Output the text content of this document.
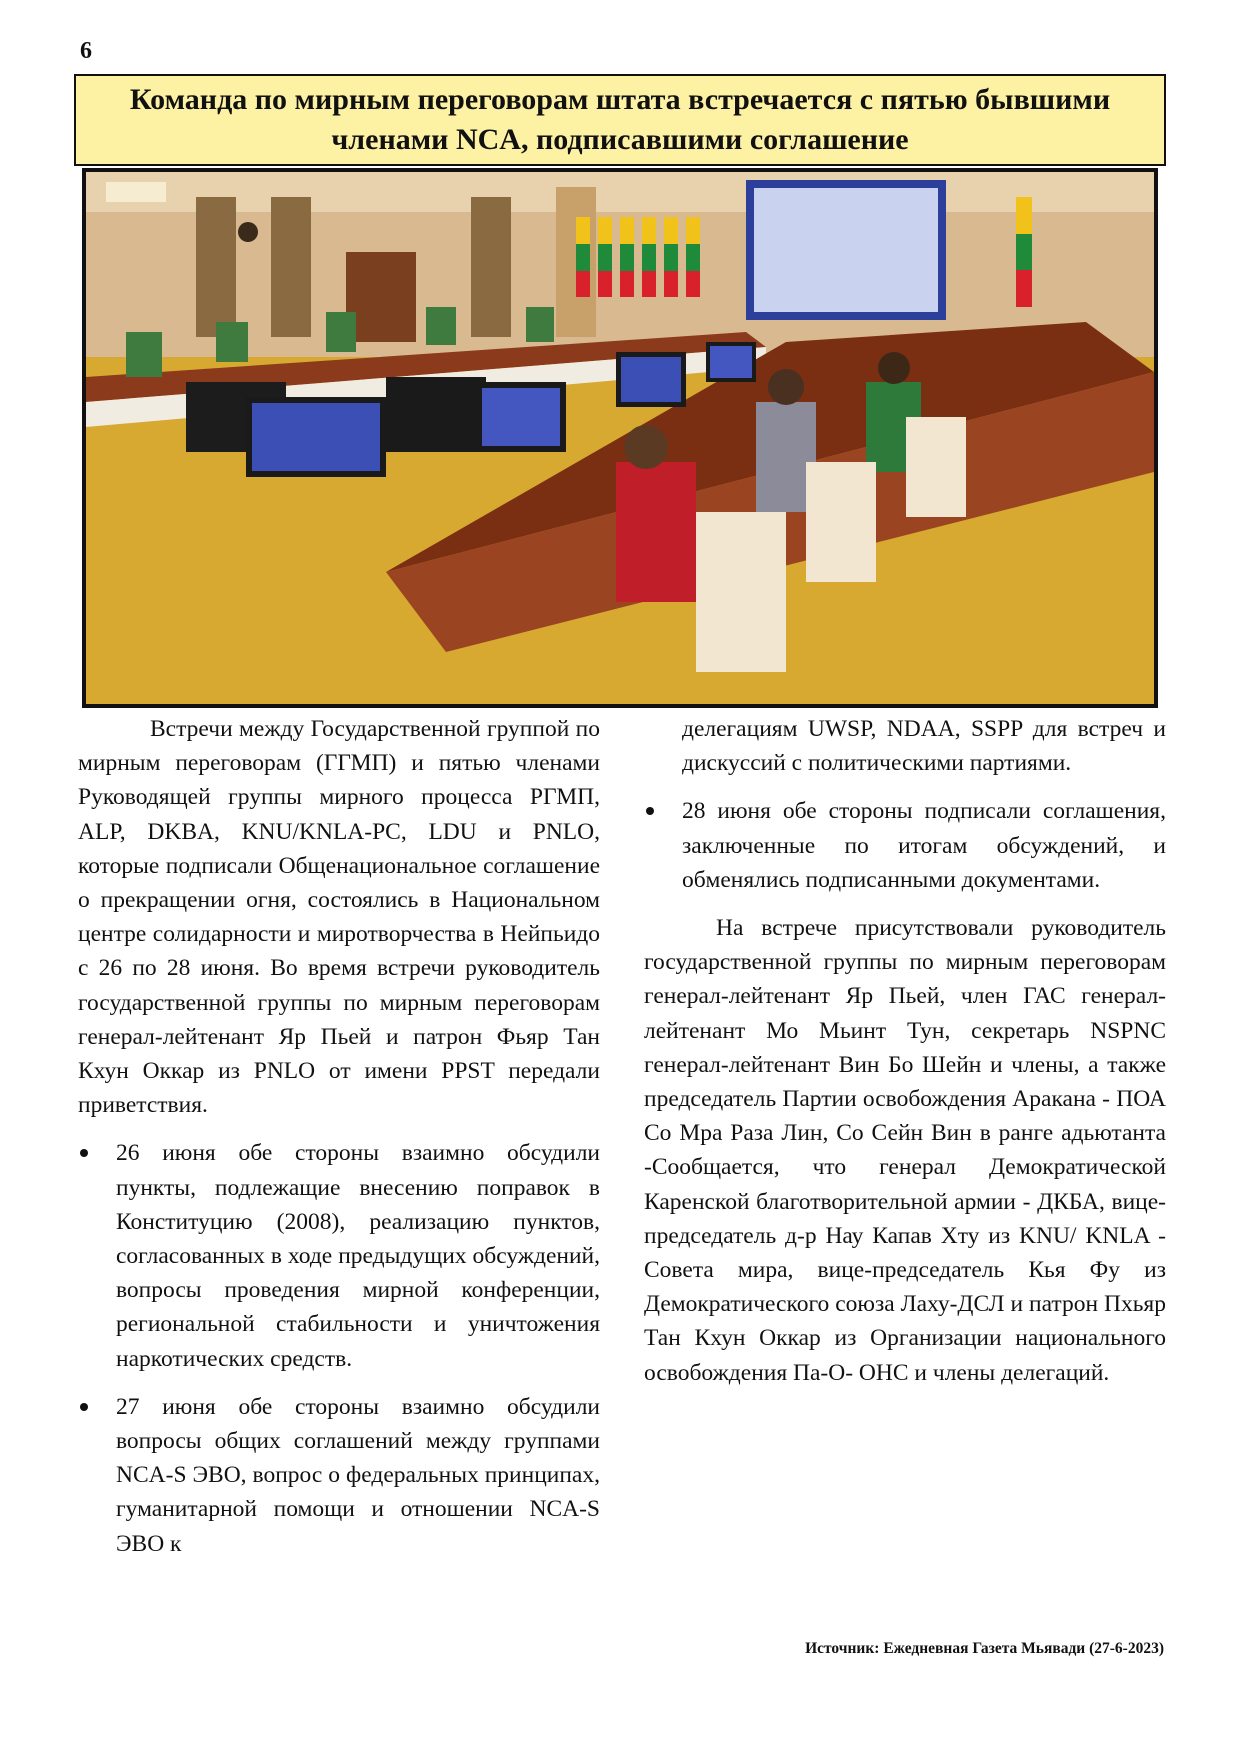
6
Команда по мирным переговорам штата встречается с пятью бывшими членами NCA, подписавшими соглашение

Встречи между Государственной группой по мирным переговорам (ГГМП) и пятью членами Руководящей группы мирного процесса РГМП, ALP, DKBA, KNU/KNLA-PC, LDU и PNLO, которые подписали Общенациональное соглашение о прекращении огня, состоялись в Национальном центре солидарности и миротворчества в Нейпьидо с 26 по 28 июня. Во время встречи руководитель государственной группы по мирным переговорам генерал-лейтенант Яр Пьей и патрон Фьяр Тан Кхун Оккар из PNLO от имени PPST передали приветствия.

26 июня обе стороны взаимно обсудили пункты, подлежащие внесению поправок в Конституцию (2008), реализацию пунктов, согласованных в ходе предыдущих обсуждений, вопросы проведения мирной конференции, региональной стабильности и уничтожения наркотических средств.
27 июня обе стороны взаимно обсудили вопросы общих соглашений между группами NCA-S ЭВО, вопрос о федеральных принципах, гуманитарной помощи и отношении NCA-S ЭВО к

делегациям UWSP, NDAA, SSPP для встреч и дискуссий с политическими партиями.

28 июня обе стороны подписали соглашения, заключенные по итогам обсуждений, и обменялись подписанными документами.

На встрече присутствовали руководитель государственной группы по мирным переговорам генерал-лейтенант Яр Пьей, член ГАС генерал-лейтенант Мо Мьинт Тун, секретарь NSPNC генерал-лейтенант Вин Бо Шейн и члены, а также председатель Партии освобождения Аракана - ПОА Со Мра Раза Лин, Со Сейн Вин в ранге адьютанта -Сообщается, что генерал Демократической Каренской благотворительной армии - ДКБА, вице-председатель д-р Нау Капав Хту из KNU/ KNLA - Совета мира, вице-председатель Кья Фу из Демократического союза Лаху-ДСЛ и патрон Пхьяр Тан Кхун Оккар из Организации национального освобождения Па-О- ОНС и члены делегаций.

Источник: Ежедневная Газета Мьявади (27-6-2023)
